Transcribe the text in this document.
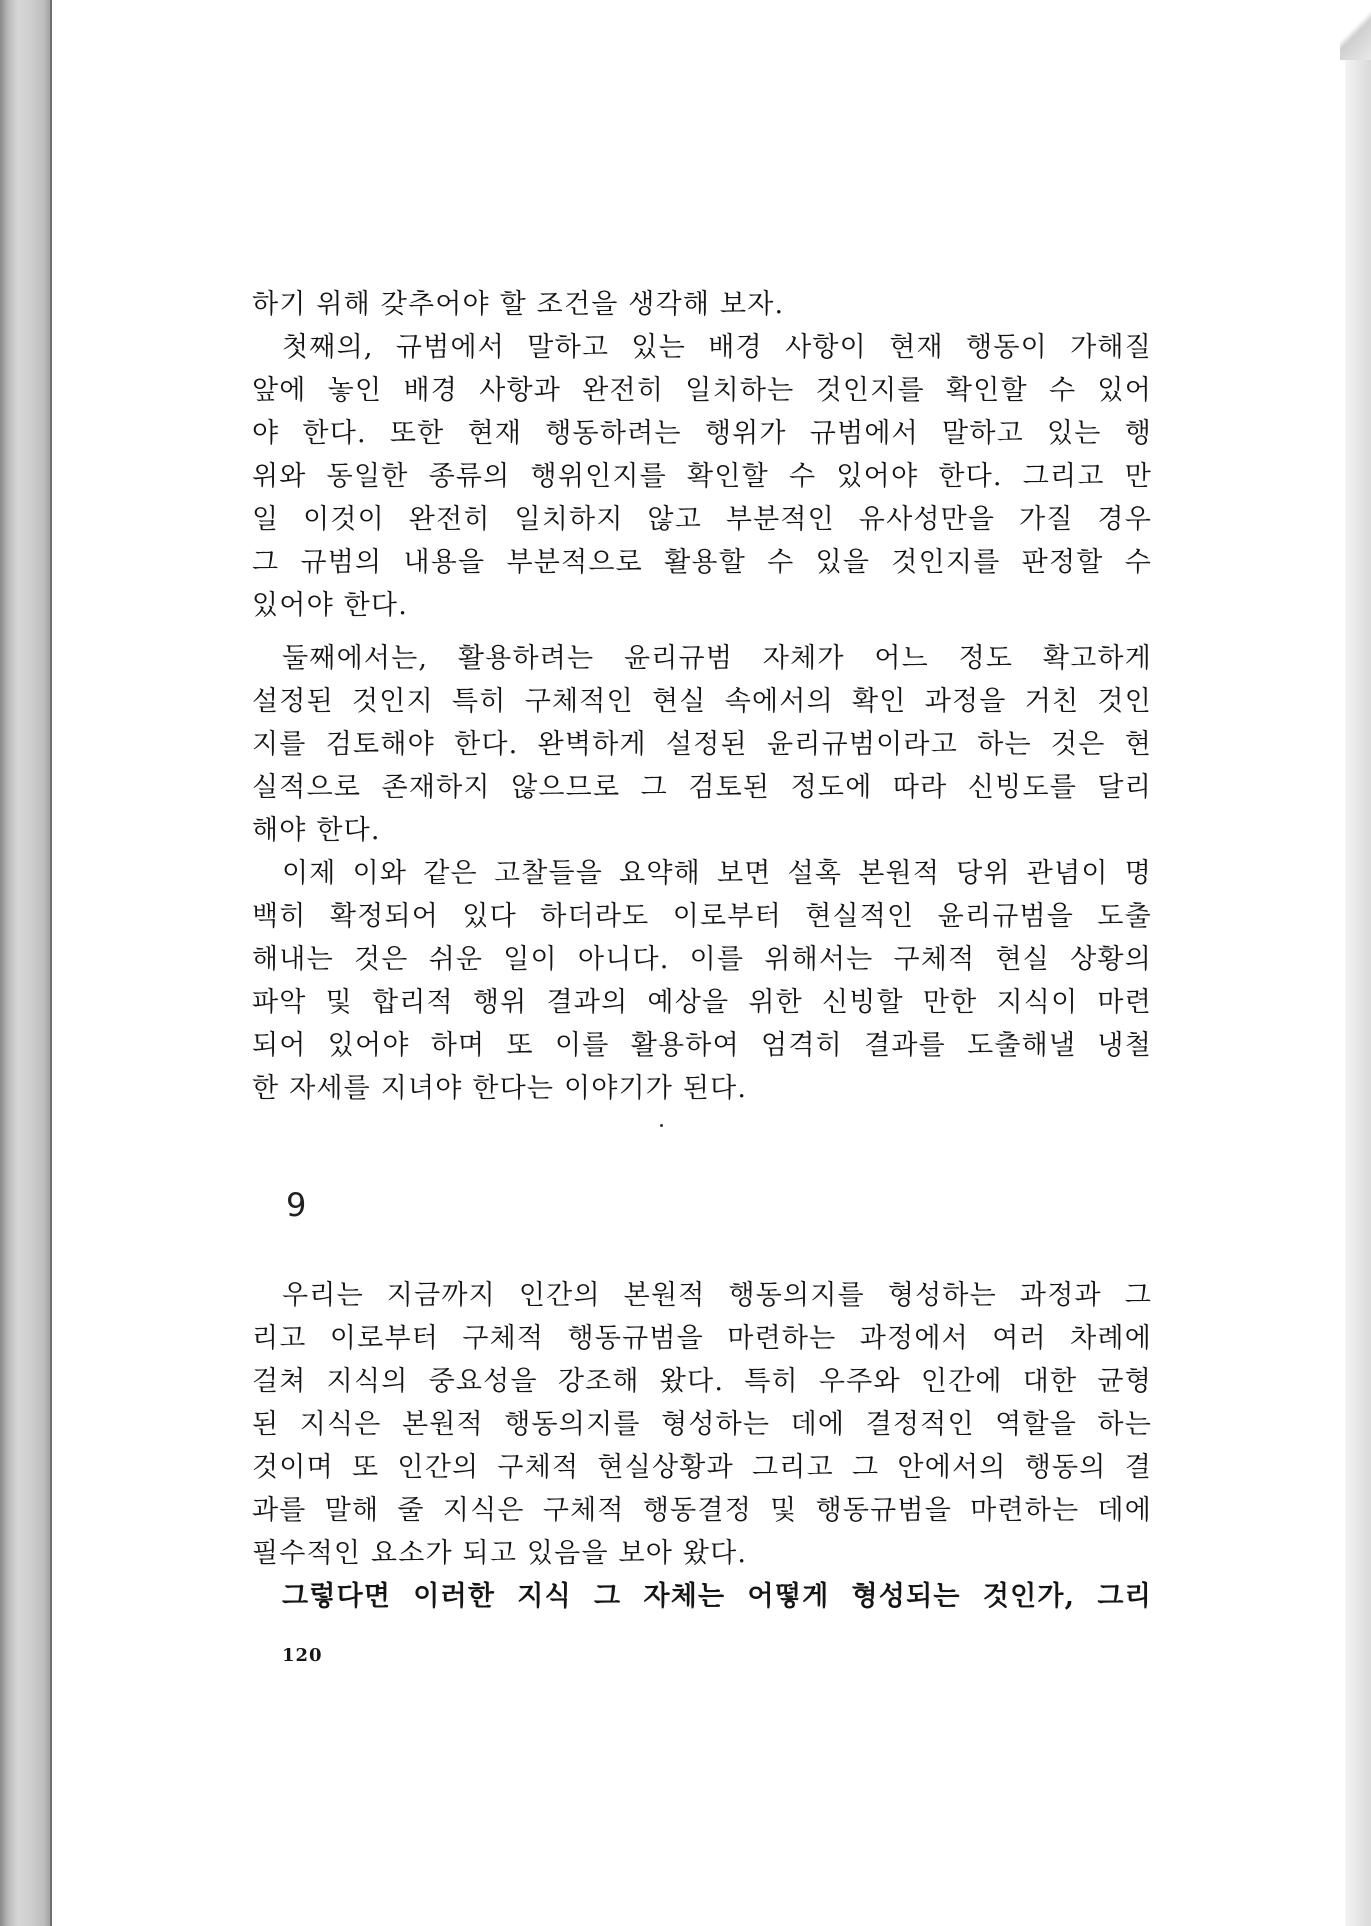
하기 위해 갖추어야 할 조건을 생각해 보자.
첫째의, 규범에서 말하고 있는 배경 사항이 현재 행동이 가해질
앞에 놓인 배경 사항과 완전히 일치하는 것인지를 확인할 수 있어
야 한다. 또한 현재 행동하려는 행위가 규범에서 말하고 있는 행
위와 동일한 종류의 행위인지를 확인할 수 있어야 한다. 그리고 만
일 이것이 완전히 일치하지 않고 부분적인 유사성만을 가질 경우
그 규범의 내용을 부분적으로 활용할 수 있을 것인지를 판정할 수
있어야 한다.
둘째에서는, 활용하려는 윤리규범 자체가 어느 정도 확고하게
설정된 것인지 특히 구체적인 현실 속에서의 확인 과정을 거친 것인
지를 검토해야 한다. 완벽하게 설정된 윤리규범이라고 하는 것은 현
실적으로 존재하지 않으므로 그 검토된 정도에 따라 신빙도를 달리
해야 한다.
이제 이와 같은 고찰들을 요약해 보면 설혹 본원적 당위 관념이 명
백히 확정되어 있다 하더라도 이로부터 현실적인 윤리규범을 도출
해내는 것은 쉬운 일이 아니다. 이를 위해서는 구체적 현실 상황의
파악 및 합리적 행위 결과의 예상을 위한 신빙할 만한 지식이 마련
되어 있어야 하며 또 이를 활용하여 엄격히 결과를 도출해낼 냉철
한 자세를 지녀야 한다는 이야기가 된다.
9
우리는 지금까지 인간의 본원적 행동의지를 형성하는 과정과 그
리고 이로부터 구체적 행동규범을 마련하는 과정에서 여러 차례에
걸쳐 지식의 중요성을 강조해 왔다. 특히 우주와 인간에 대한 균형
된 지식은 본원적 행동의지를 형성하는 데에 결정적인 역할을 하는
것이며 또 인간의 구체적 현실상황과 그리고 그 안에서의 행동의 결
과를 말해 줄 지식은 구체적 행동결정 및 행동규범을 마련하는 데에
필수적인 요소가 되고 있음을 보아 왔다.
그렇다면 이러한 지식 그 자체는 어떻게 형성되는 것인가, 그리
120
